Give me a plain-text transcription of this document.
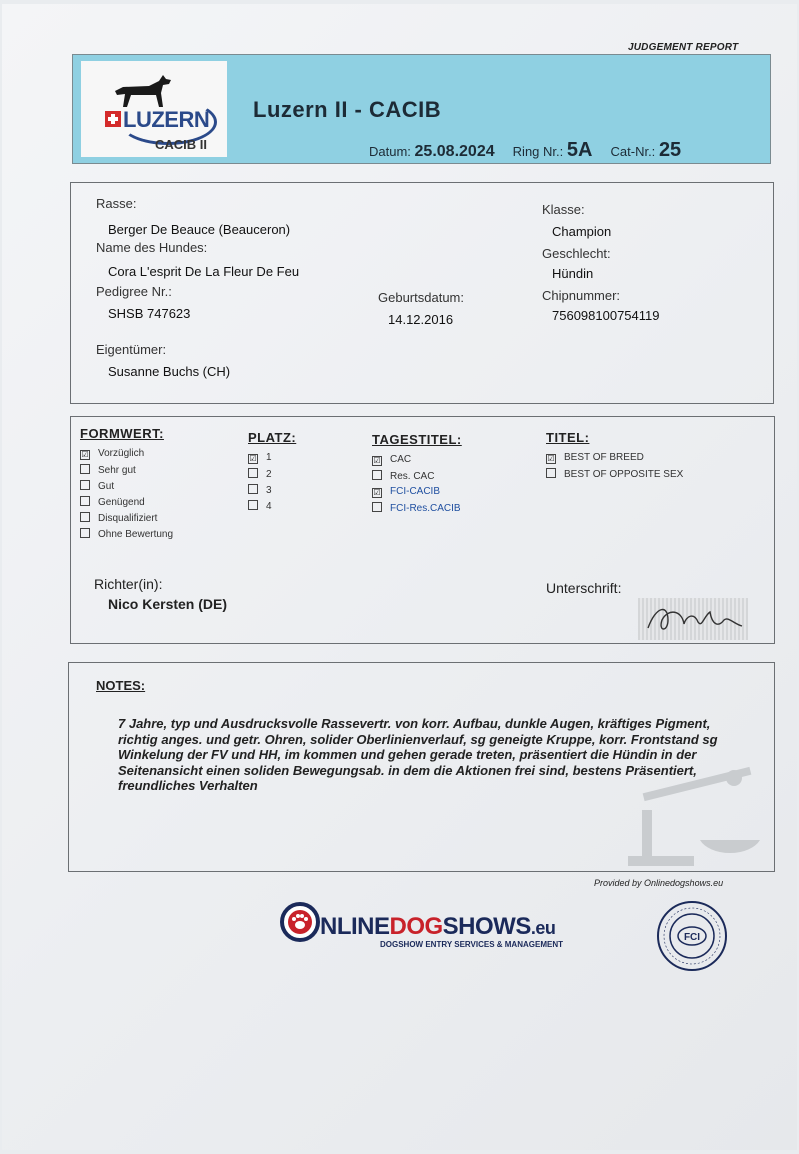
JUDGEMENT REPORT
LUZERN
CACIB II
Luzern II - CACIB
Datum: 25.08.2024 Ring Nr.: 5A Cat-Nr.: 25
Rasse:
Berger De Beauce (Beauceron)
Name des Hundes:
Cora L'esprit De La Fleur De Feu
Pedigree Nr.:
SHSB 747623
Geburtsdatum:
14.12.2016
Eigentümer:
Susanne Buchs (CH)
Klasse:
Champion
Geschlecht:
Hündin
Chipnummer:
756098100754119
FORMWERT:
☑ Vorzüglich
Sehr gut
Gut
Genügend
Disqualifiziert
Ohne Bewertung
PLATZ:
☑ 1
2
3
4
TAGESTITEL:
☑ CAC
Res. CAC
☑ FCI-CACIB
FCI-Res.CACIB
TITEL:
☑ BEST OF BREED
BEST OF OPPOSITE SEX
Richter(in):
Nico Kersten (DE)
Unterschrift:
NOTES:
7 Jahre, typ und Ausdrucksvolle Rassevertr. von korr. Aufbau, dunkle Augen, kräftiges Pigment, richtig anges. und getr. Ohren, solider Oberlinienverlauf, sg geneigte Kruppe, korr. Frontstand sg Winkelung der FV und HH, im kommen und gehen gerade treten, präsentiert die Hündin in der Seitenansicht einen soliden Bewegungsab. in dem die Aktionen frei sind, bestens Präsentiert, freundliches Verhalten
Provided by Onlinedogshows.eu
NLINEDOGSHOWS.eu
DOGSHOW ENTRY SERVICES & MANAGEMENT
FCI
